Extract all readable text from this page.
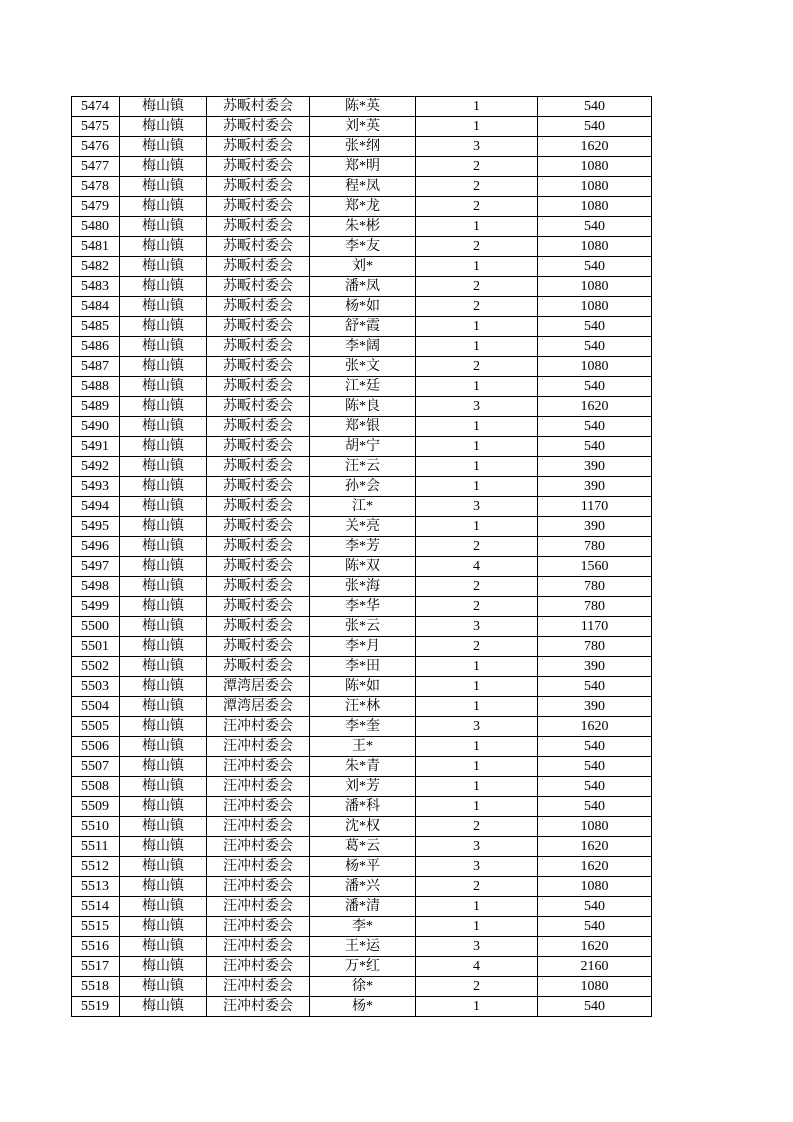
5474	梅山镇	苏畈村委会	陈*英	1	540
5475	梅山镇	苏畈村委会	刘*英	1	540
5476	梅山镇	苏畈村委会	张*纲	3	1620
5477	梅山镇	苏畈村委会	郑*明	2	1080
5478	梅山镇	苏畈村委会	程*凤	2	1080
5479	梅山镇	苏畈村委会	郑*龙	2	1080
5480	梅山镇	苏畈村委会	朱*彬	1	540
5481	梅山镇	苏畈村委会	李*友	2	1080
5482	梅山镇	苏畈村委会	刘*	1	540
5483	梅山镇	苏畈村委会	潘*凤	2	1080
5484	梅山镇	苏畈村委会	杨*如	2	1080
5485	梅山镇	苏畈村委会	舒*霞	1	540
5486	梅山镇	苏畈村委会	李*阔	1	540
5487	梅山镇	苏畈村委会	张*文	2	1080
5488	梅山镇	苏畈村委会	江*廷	1	540
5489	梅山镇	苏畈村委会	陈*良	3	1620
5490	梅山镇	苏畈村委会	郑*银	1	540
5491	梅山镇	苏畈村委会	胡*宁	1	540
5492	梅山镇	苏畈村委会	汪*云	1	390
5493	梅山镇	苏畈村委会	孙*会	1	390
5494	梅山镇	苏畈村委会	江*	3	1170
5495	梅山镇	苏畈村委会	关*亮	1	390
5496	梅山镇	苏畈村委会	李*芳	2	780
5497	梅山镇	苏畈村委会	陈*双	4	1560
5498	梅山镇	苏畈村委会	张*海	2	780
5499	梅山镇	苏畈村委会	李*华	2	780
5500	梅山镇	苏畈村委会	张*云	3	1170
5501	梅山镇	苏畈村委会	李*月	2	780
5502	梅山镇	苏畈村委会	李*田	1	390
5503	梅山镇	潭湾居委会	陈*如	1	540
5504	梅山镇	潭湾居委会	汪*林	1	390
5505	梅山镇	汪冲村委会	李*奎	3	1620
5506	梅山镇	汪冲村委会	王*	1	540
5507	梅山镇	汪冲村委会	朱*青	1	540
5508	梅山镇	汪冲村委会	刘*芳	1	540
5509	梅山镇	汪冲村委会	潘*科	1	540
5510	梅山镇	汪冲村委会	沈*权	2	1080
5511	梅山镇	汪冲村委会	葛*云	3	1620
5512	梅山镇	汪冲村委会	杨*平	3	1620
5513	梅山镇	汪冲村委会	潘*兴	2	1080
5514	梅山镇	汪冲村委会	潘*清	1	540
5515	梅山镇	汪冲村委会	李*	1	540
5516	梅山镇	汪冲村委会	王*运	3	1620
5517	梅山镇	汪冲村委会	万*红	4	2160
5518	梅山镇	汪冲村委会	徐*	2	1080
5519	梅山镇	汪冲村委会	杨*	1	540
